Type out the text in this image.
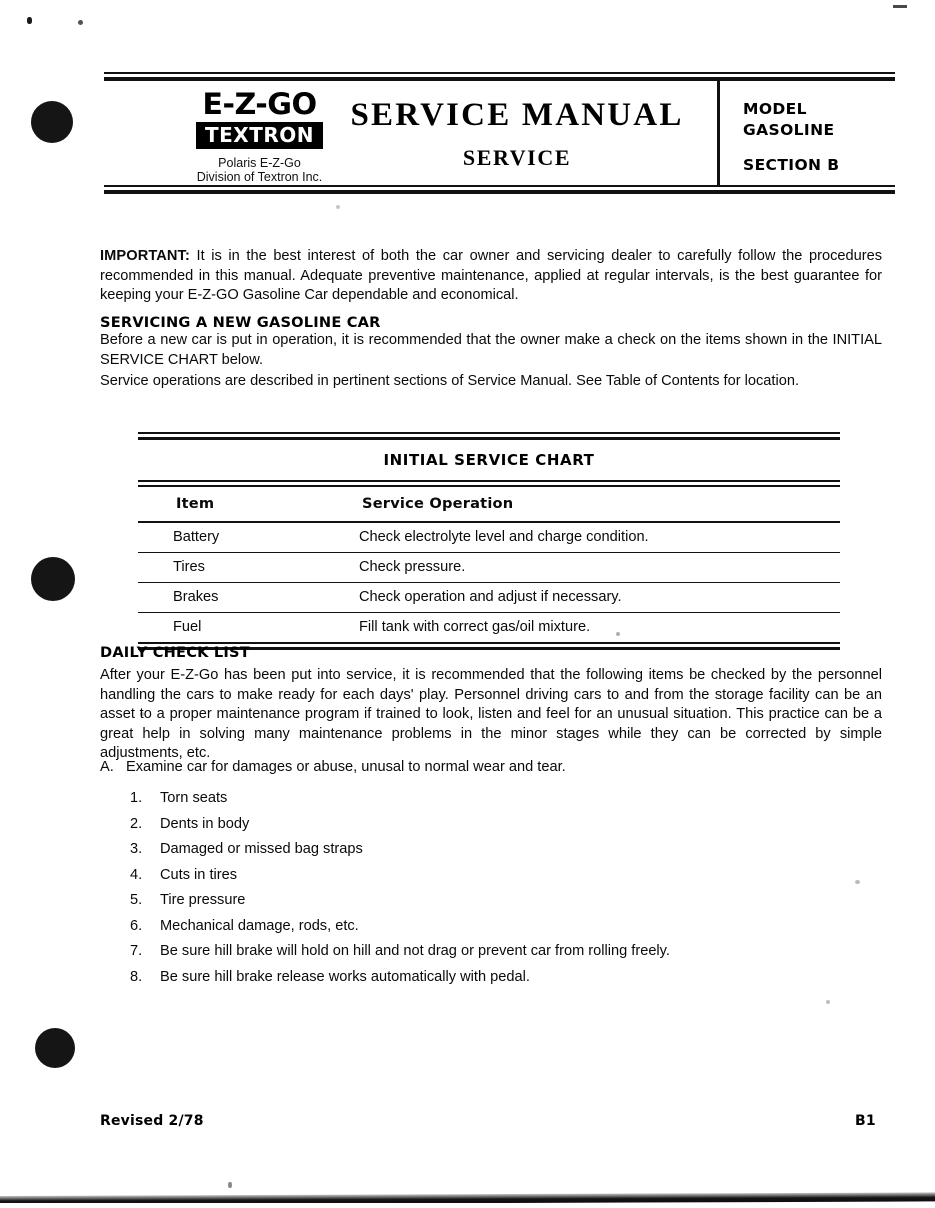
E-Z-GO
TEXTRON
Polaris E-Z-Go
Division of Textron Inc.
SERVICE MANUAL
SERVICE
MODEL
GASOLINE
SECTION B
IMPORTANT: It is in the best interest of both the car owner and servicing dealer to carefully follow the procedures recommended in this manual. Adequate preventive maintenance, applied at regular intervals, is the best guarantee for keeping your E-Z-GO Gasoline Car dependable and economical.
SERVICING A NEW GASOLINE CAR
Before a new car is put in operation, it is recommended that the owner make a check on the items shown in the INITIAL SERVICE CHART below.
Service operations are described in pertinent sections of Service Manual. See Table of Contents for location.
INITIAL SERVICE CHART
Item	Service Operation
Battery	Check electrolyte level and charge condition.
Tires	Check pressure.
Brakes	Check operation and adjust if necessary.
Fuel	Fill tank with correct gas/oil mixture.
DAILY CHECK LIST
After your E-Z-Go has been put into service, it is recommended that the following items be checked by the personnel handling the cars to make ready for each days' play. Personnel driving cars to and from the storage facility can be an asset to a proper maintenance program if trained to look, listen and feel for an unusual situation. This practice can be a great help in solving many maintenance problems in the minor stages while they can be corrected by simple adjustments, etc.
A. Examine car for damages or abuse, unusal to normal wear and tear.
1.	Torn seats
2.	Dents in body
3.	Damaged or missed bag straps
4.	Cuts in tires
5.	Tire pressure
6.	Mechanical damage, rods, etc.
7.	Be sure hill brake will hold on hill and not drag or prevent car from rolling freely.
8.	Be sure hill brake release works automatically with pedal.
Revised 2/78	B1
